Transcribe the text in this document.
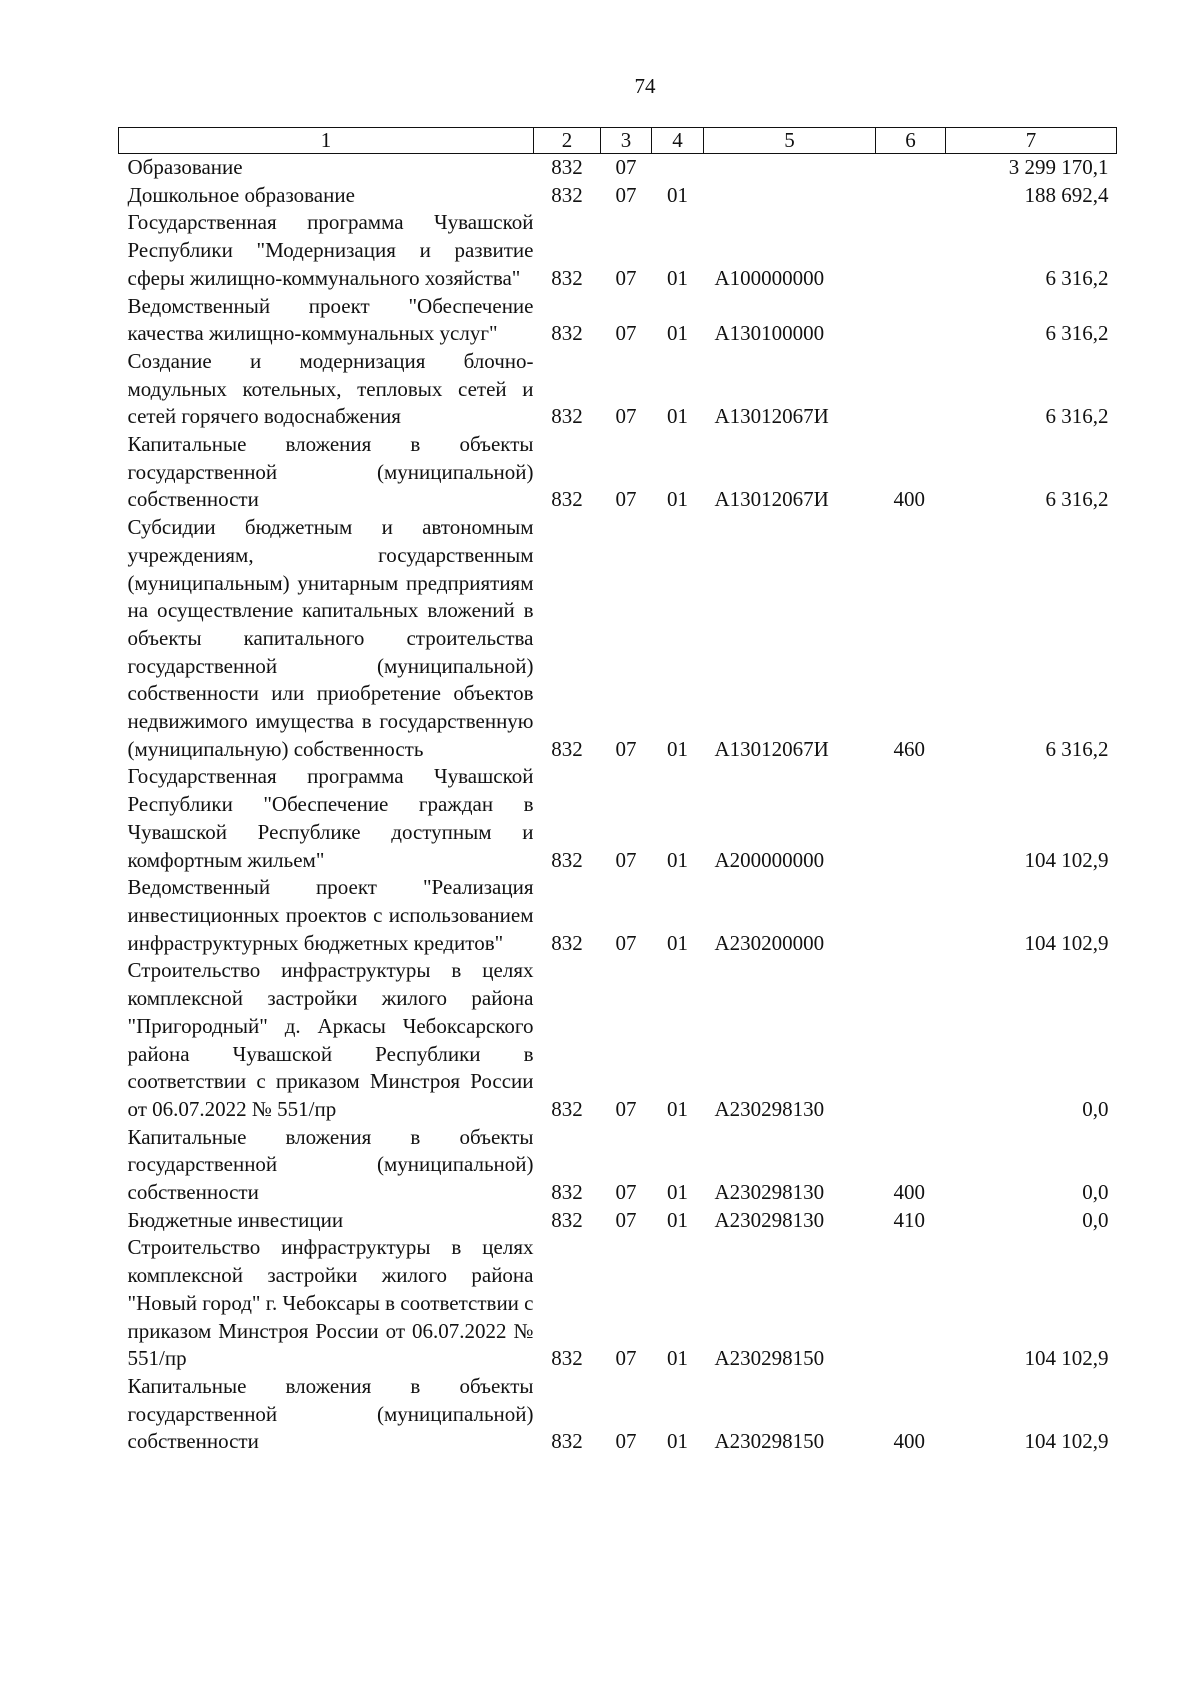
74
1	2	3	4	5	6	7
Образование	832	07				3 299 170,1
Дошкольное образование	832	07	01			188 692,4
Государственная программа Чувашской Республики "Модернизация и развитие сферы жилищно-коммунального хозяйства"	832	07	01	А100000000		6 316,2
Ведомственный проект "Обеспечение качества жилищно-коммунальных услуг"	832	07	01	А130100000		6 316,2
Создание и модернизация блочно-модульных котельных, тепловых сетей и сетей горячего водоснабжения	832	07	01	А13012067И		6 316,2
Капитальные вложения в объекты государственной (муниципальной) собственности	832	07	01	А13012067И	400	6 316,2
Субсидии бюджетным и автономным учреждениям, государственным (муниципальным) унитарным предприятиям на осуществление капитальных вложений в объекты капитального строительства государственной (муниципальной) собственности или приобретение объектов недвижимого имущества в государственную (муниципальную) собственность	832	07	01	А13012067И	460	6 316,2
Государственная программа Чувашской Республики "Обеспечение граждан в Чувашской Республике доступным и комфортным жильем"	832	07	01	А200000000		104 102,9
Ведомственный проект "Реализация инвестиционных проектов с использованием инфраструктурных бюджетных кредитов"	832	07	01	А230200000		104 102,9
Строительство инфраструктуры в целях комплексной застройки жилого района "Пригородный" д. Аркасы Чебоксарского района Чувашской Республики в соответствии с приказом Минстроя России от 06.07.2022 № 551/пр	832	07	01	А230298130		0,0
Капитальные вложения в объекты государственной (муниципальной) собственности	832	07	01	А230298130	400	0,0
Бюджетные инвестиции	832	07	01	А230298130	410	0,0
Строительство инфраструктуры в целях комплексной застройки жилого района "Новый город" г. Чебоксары в соответствии с приказом Минстроя России от 06.07.2022 № 551/пр	832	07	01	А230298150		104 102,9
Капитальные вложения в объекты государственной (муниципальной) собственности	832	07	01	А230298150	400	104 102,9
